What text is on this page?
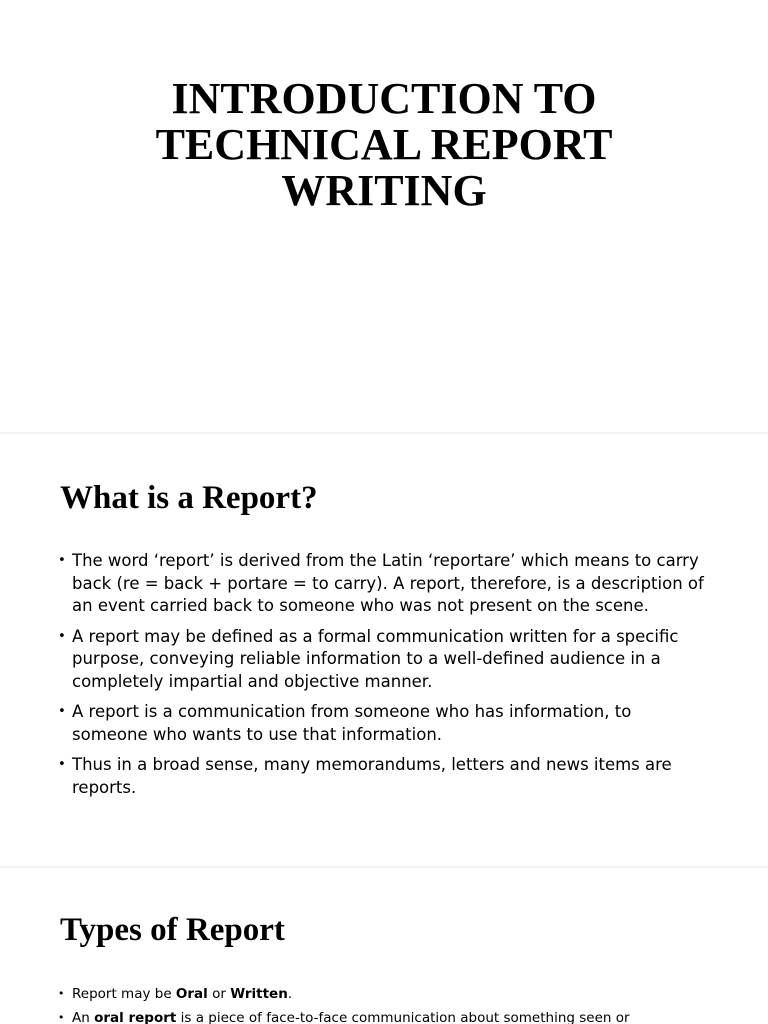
INTRODUCTION TO
TECHNICAL REPORT
WRITING
What is a Report?
• The word ‘report’ is derived from the Latin ‘reportare’ which means to carry back (re = back + portare = to carry). A report, therefore, is a description of an event carried back to someone who was not present on the scene.
• A report may be defined as a formal communication written for a specific purpose, conveying reliable information to a well-defined audience in a completely impartial and objective manner.
• A report is a communication from someone who has information, to someone who wants to use that information.
• Thus in a broad sense, many memorandums, letters and news items are reports.
Types of Report
• Report may be Oral or Written.
• An oral report is a piece of face-to-face communication about something seen or
